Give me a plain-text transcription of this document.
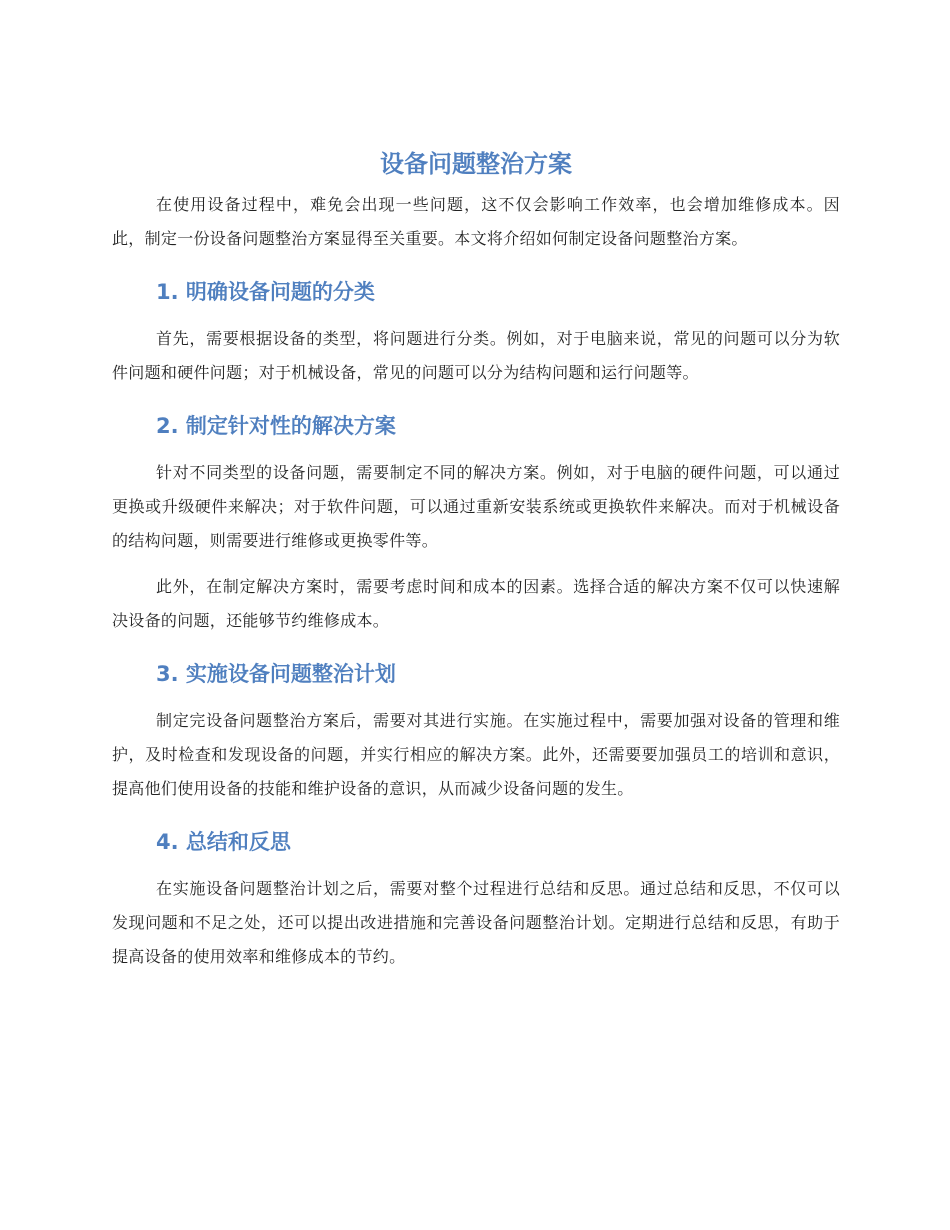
设备问题整治方案

在使用设备过程中，难免会出现一些问题，这不仅会影响工作效率，也会增加维修成本。因此，制定一份设备问题整治方案显得至关重要。本文将介绍如何制定设备问题整治方案。

1. 明确设备问题的分类

首先，需要根据设备的类型，将问题进行分类。例如，对于电脑来说，常见的问题可以分为软件问题和硬件问题；对于机械设备，常见的问题可以分为结构问题和运行问题等。

2. 制定针对性的解决方案

针对不同类型的设备问题，需要制定不同的解决方案。例如，对于电脑的硬件问题，可以通过更换或升级硬件来解决；对于软件问题，可以通过重新安装系统或更换软件来解决。而对于机械设备的结构问题，则需要进行维修或更换零件等。

此外，在制定解决方案时，需要考虑时间和成本的因素。选择合适的解决方案不仅可以快速解决设备的问题，还能够节约维修成本。

3. 实施设备问题整治计划

制定完设备问题整治方案后，需要对其进行实施。在实施过程中，需要加强对设备的管理和维护，及时检查和发现设备的问题，并实行相应的解决方案。此外，还需要要加强员工的培训和意识，提高他们使用设备的技能和维护设备的意识，从而减少设备问题的发生。

4. 总结和反思

在实施设备问题整治计划之后，需要对整个过程进行总结和反思。通过总结和反思，不仅可以发现问题和不足之处，还可以提出改进措施和完善设备问题整治计划。定期进行总结和反思，有助于提高设备的使用效率和维修成本的节约。
